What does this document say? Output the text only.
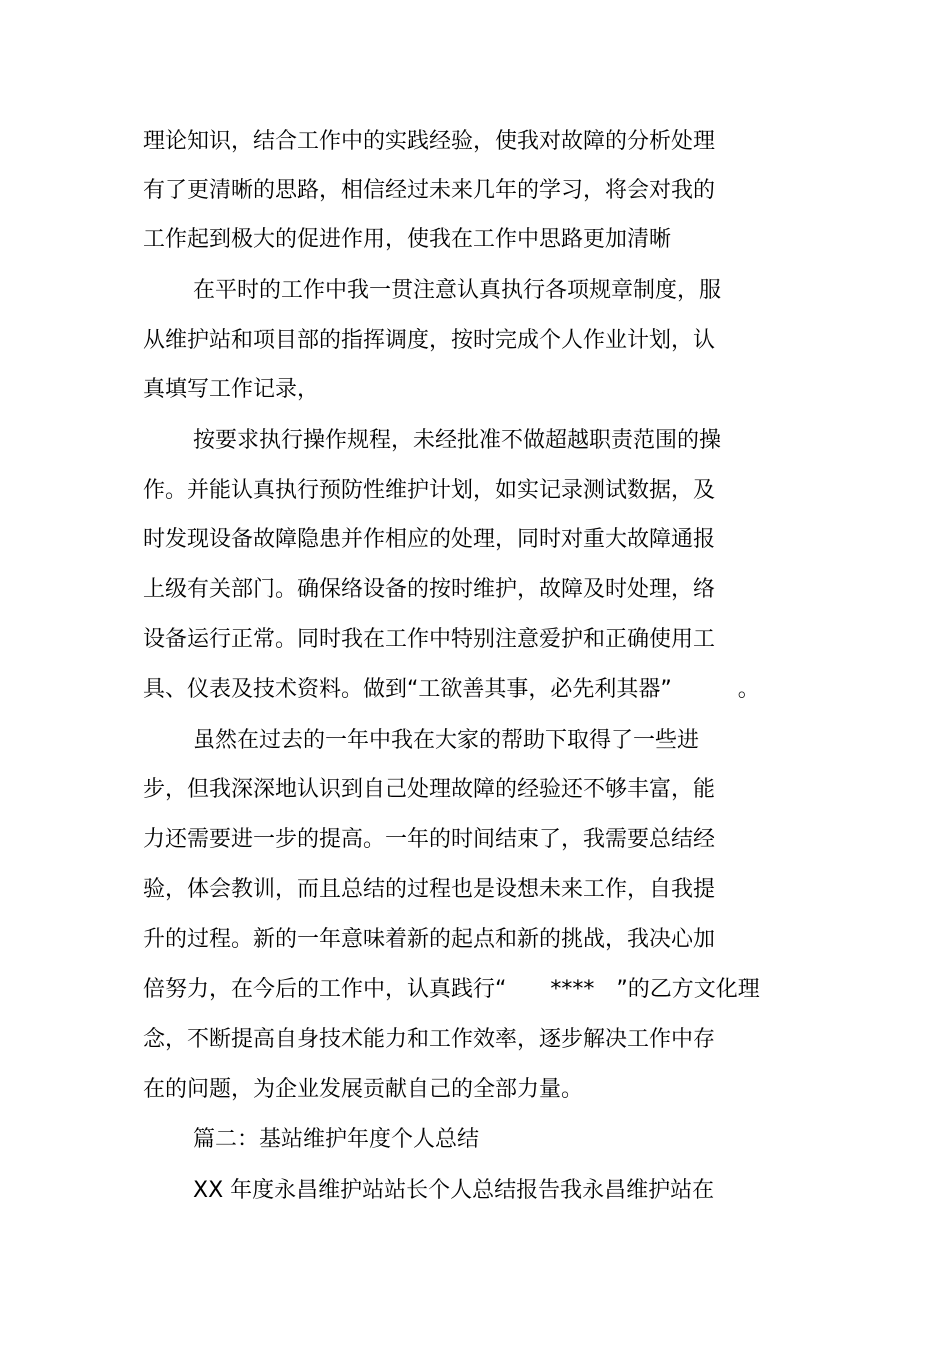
理论知识，结合工作中的实践经验，使我对故障的分析处理
有了更清晰的思路，相信经过未来几年的学习，将会对我的
工作起到极大的促进作用，使我在工作中思路更加清晰
在平时的工作中我一贯注意认真执行各项规章制度，服
从维护站和项目部的指挥调度，按时完成个人作业计划，认
真填写工作记录，
按要求执行操作规程，未经批准不做超越职责范围的操
作。并能认真执行预防性维护计划，如实记录测试数据，及
时发现设备故障隐患并作相应的处理，同时对重大故障通报
上级有关部门。确保络设备的按时维护，故障及时处理，络
设备运行正常。同时我在工作中特别注意爱护和正确使用工
具、仪表及技术资料。做到“工欲善其事，必先利其器”　　　。
虽然在过去的一年中我在大家的帮助下取得了一些进
步，但我深深地认识到自己处理故障的经验还不够丰富，能
力还需要进一步的提高。一年的时间结束了，我需要总结经
验，体会教训，而且总结的过程也是设想未来工作，自我提
升的过程。新的一年意味着新的起点和新的挑战，我决心加
倍努力，在今后的工作中，认真践行“　　****　”的乙方文化理
念，不断提高自身技术能力和工作效率，逐步解决工作中存
在的问题，为企业发展贡献自己的全部力量。
篇二：基站维护年度个人总结
XX 年度永昌维护站站长个人总结报告我永昌维护站在
